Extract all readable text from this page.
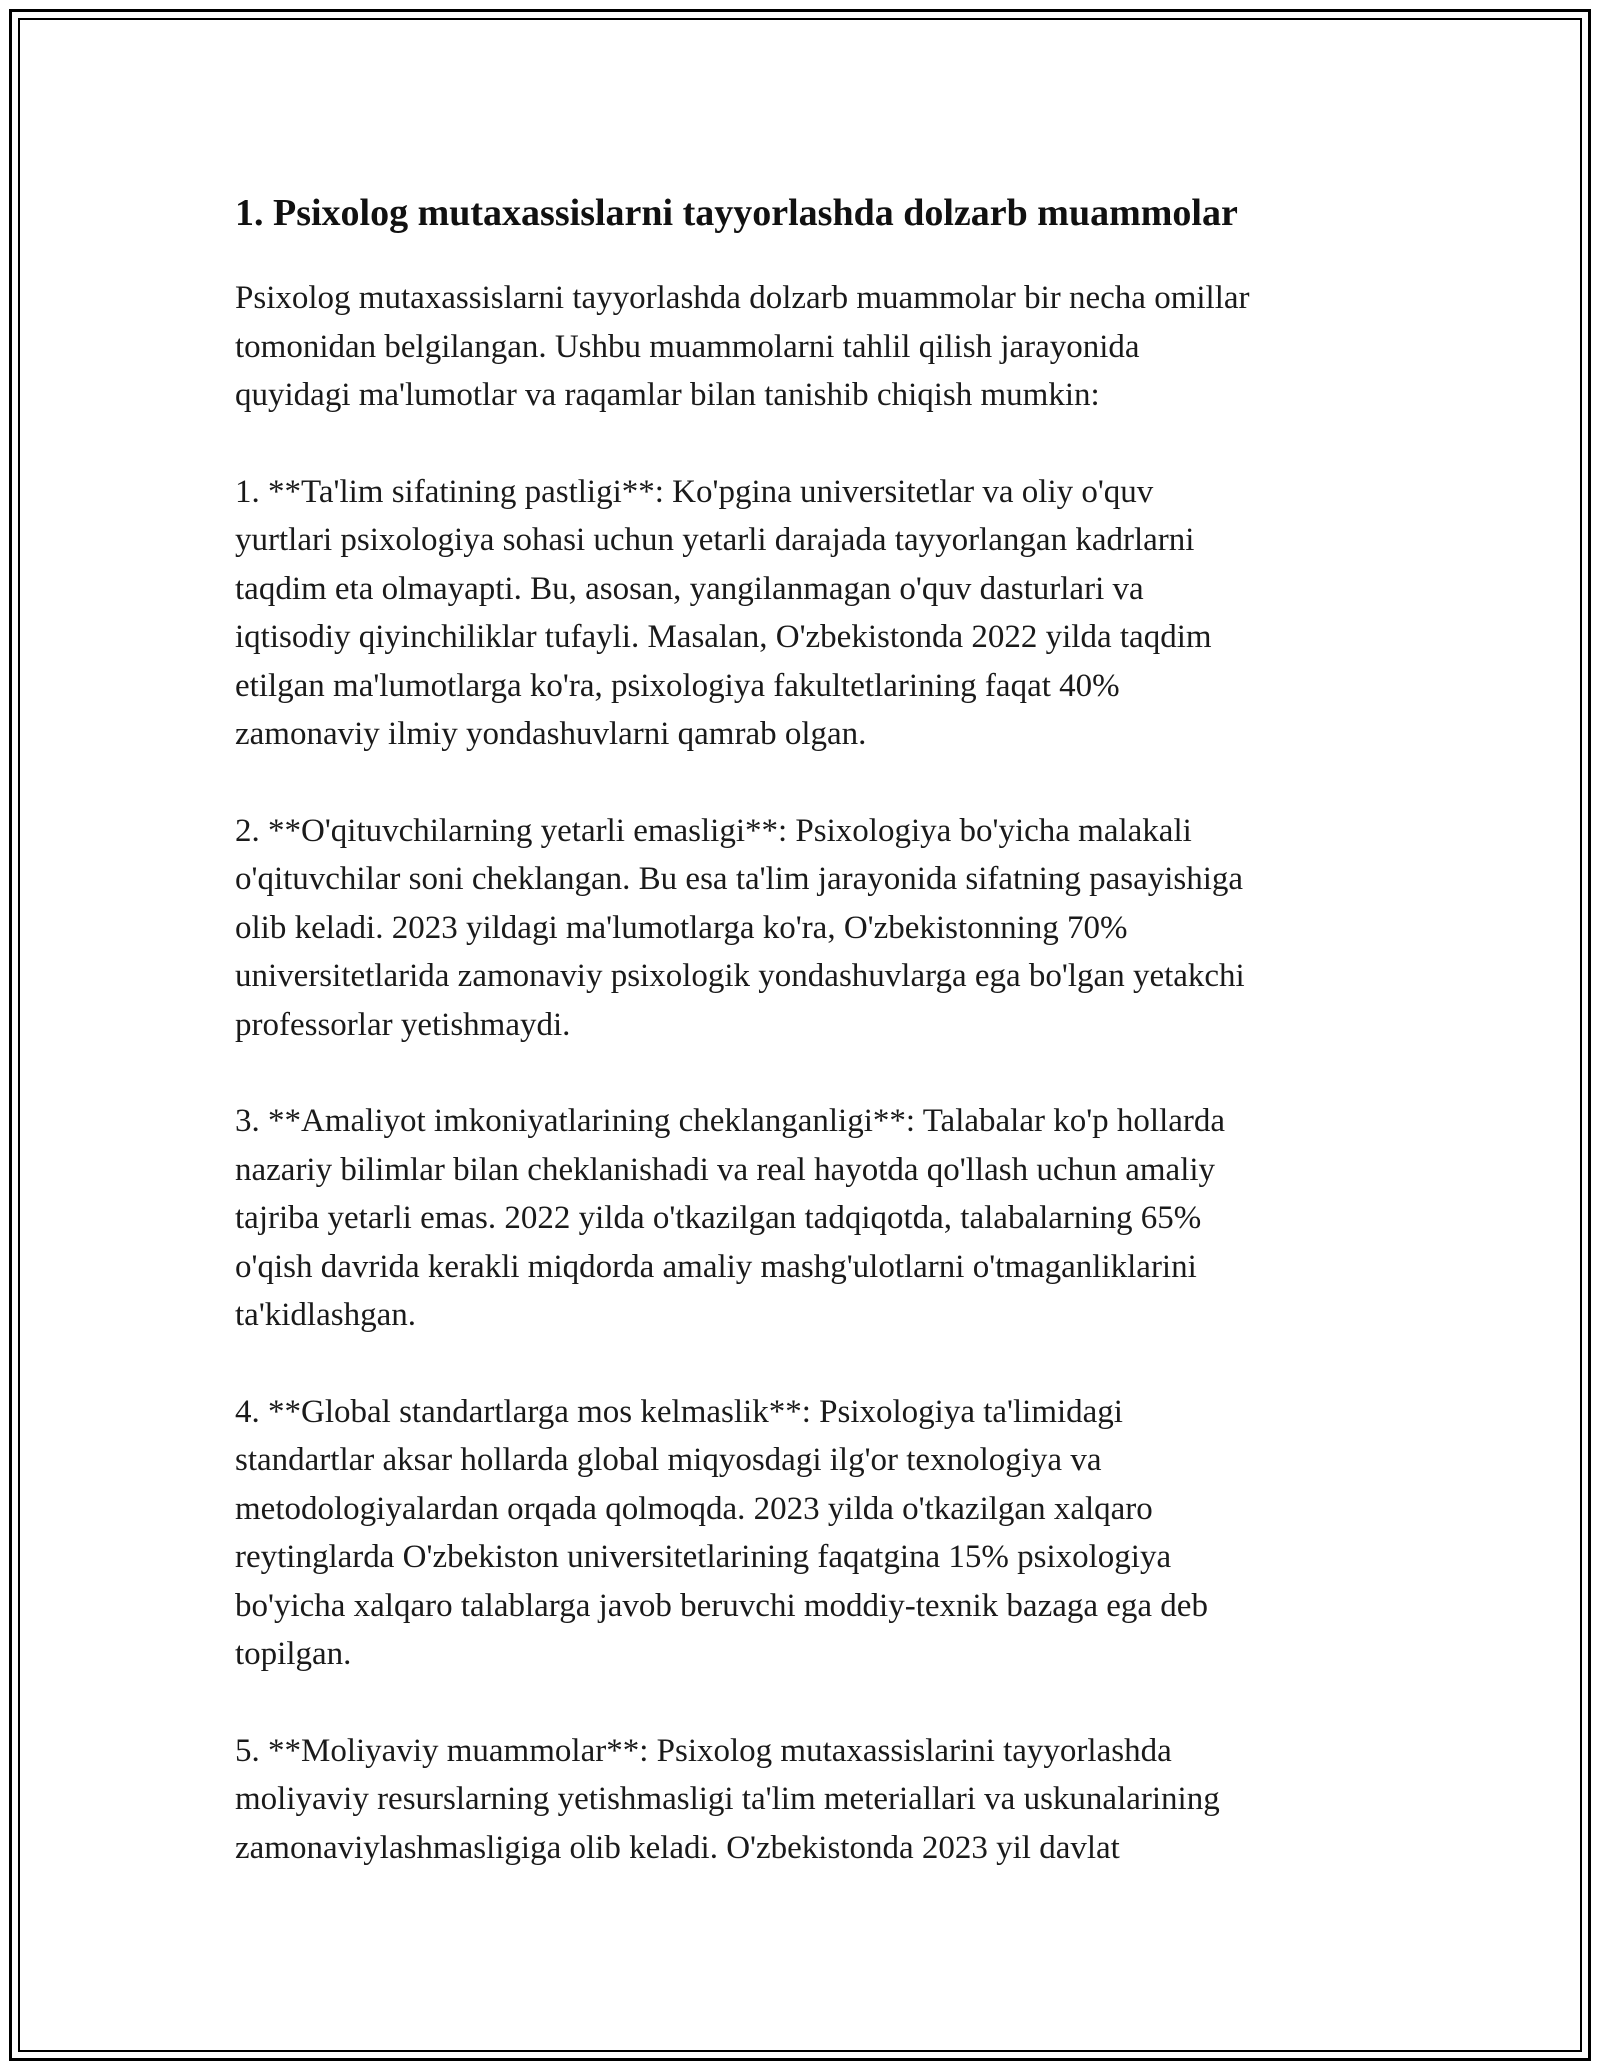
1. Psixolog mutaxassislarni tayyorlashda dolzarb muammolar

Psixolog mutaxassislarni tayyorlashda dolzarb muammolar bir necha omillar
tomonidan belgilangan. Ushbu muammolarni tahlil qilish jarayonida
quyidagi ma'lumotlar va raqamlar bilan tanishib chiqish mumkin:

1. **Ta'lim sifatining pastligi**: Ko'pgina universitetlar va oliy o'quv
yurtlari psixologiya sohasi uchun yetarli darajada tayyorlangan kadrlarni
taqdim eta olmayapti. Bu, asosan, yangilanmagan o'quv dasturlari va
iqtisodiy qiyinchiliklar tufayli. Masalan, O'zbekistonda 2022 yilda taqdim
etilgan ma'lumotlarga ko'ra, psixologiya fakultetlarining faqat 40%
zamonaviy ilmiy yondashuvlarni qamrab olgan.

2. **O'qituvchilarning yetarli emasligi**: Psixologiya bo'yicha malakali
o'qituvchilar soni cheklangan. Bu esa ta'lim jarayonida sifatning pasayishiga
olib keladi. 2023 yildagi ma'lumotlarga ko'ra, O'zbekistonning 70%
universitetlarida zamonaviy psixologik yondashuvlarga ega bo'lgan yetakchi
professorlar yetishmaydi.

3. **Amaliyot imkoniyatlarining cheklanganligi**: Talabalar ko'p hollarda
nazariy bilimlar bilan cheklanishadi va real hayotda qo'llash uchun amaliy
tajriba yetarli emas. 2022 yilda o'tkazilgan tadqiqotda, talabalarning 65%
o'qish davrida kerakli miqdorda amaliy mashg'ulotlarni o'tmaganliklarini
ta'kidlashgan.

4. **Global standartlarga mos kelmaslik**: Psixologiya ta'limidagi
standartlar aksar hollarda global miqyosdagi ilg'or texnologiya va
metodologiyalardan orqada qolmoqda. 2023 yilda o'tkazilgan xalqaro
reytinglarda O'zbekiston universitetlarining faqatgina 15% psixologiya
bo'yicha xalqaro talablarga javob beruvchi moddiy-texnik bazaga ega deb
topilgan.

5. **Moliyaviy muammolar**: Psixolog mutaxassislarini tayyorlashda
moliyaviy resurslarning yetishmasligi ta'lim meteriallari va uskunalarining
zamonaviylashmasligiga olib keladi. O'zbekistonda 2023 yil davlat
